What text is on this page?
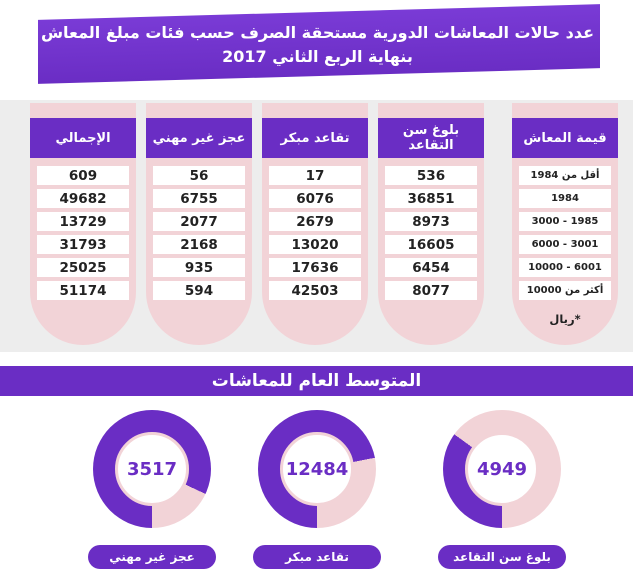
عدد حالات المعاشات الدورية مستحقة الصرف حسب فئات مبلغ المعاش
بنهاية الربع الثاني 2017
قيمة المعاش
أقل من 1984
1984
1985 - 3000
3001 - 6000
6001 - 10000
أكثر من 10000
*ريال
بلوغ سن التقاعد
536
36851
8973
16605
6454
8077
تقاعد مبكر
17
6076
2679
13020
17636
42503
عجز غير مهني
56
6755
2077
2168
935
594
الإجمالي
609
49682
13729
31793
25025
51174
المتوسط العام للمعاشات
4949
بلوغ سن التقاعد
12484
تقاعد مبكر
3517
عجز غير مهني
